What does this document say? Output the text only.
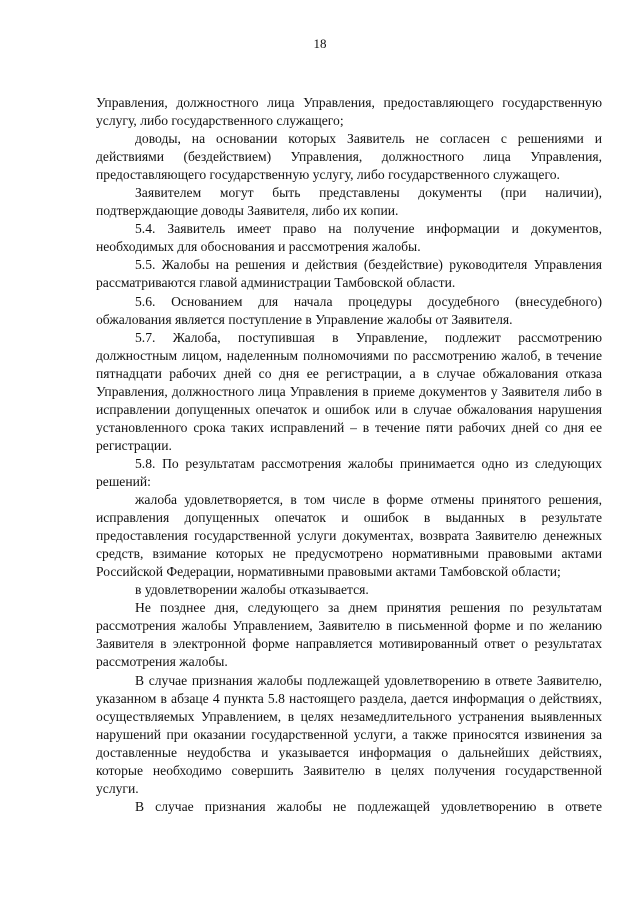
18

Управления, должностного лица Управления, предоставляющего государственную услугу, либо государственного служащего;

доводы, на основании которых Заявитель не согласен с решениями и действиями (бездействием) Управления, должностного лица Управления, предоставляющего государственную услугу, либо государственного служащего.

Заявителем могут быть представлены документы (при наличии), подтверждающие доводы Заявителя, либо их копии.

5.4. Заявитель имеет право на получение информации и документов, необходимых для обоснования и рассмотрения жалобы.

5.5. Жалобы на решения и действия (бездействие) руководителя Управления рассматриваются главой администрации Тамбовской области.

5.6. Основанием для начала процедуры досудебного (внесудебного) обжалования является поступление в Управление жалобы от Заявителя.

5.7. Жалоба, поступившая в Управление, подлежит рассмотрению должностным лицом, наделенным полномочиями по рассмотрению жалоб, в течение пятнадцати рабочих дней со дня ее регистрации, а в случае обжалования отказа Управления, должностного лица Управления в приеме документов у Заявителя либо в исправлении допущенных опечаток и ошибок или в случае обжалования нарушения установленного срока таких исправлений – в течение пяти рабочих дней со дня ее регистрации.

5.8. По результатам рассмотрения жалобы принимается одно из следующих решений:

жалоба удовлетворяется, в том числе в форме отмены принятого решения, исправления допущенных опечаток и ошибок в выданных в результате предоставления государственной услуги документах, возврата Заявителю денежных средств, взимание которых не предусмотрено нормативными правовыми актами Российской Федерации, нормативными правовыми актами Тамбовской области;

в удовлетворении жалобы отказывается.

Не позднее дня, следующего за днем принятия решения по результатам рассмотрения жалобы Управлением, Заявителю в письменной форме и по желанию Заявителя в электронной форме направляется мотивированный ответ о результатах рассмотрения жалобы.

В случае признания жалобы подлежащей удовлетворению в ответе Заявителю, указанном в абзаце 4 пункта 5.8 настоящего раздела, дается информация о действиях, осуществляемых Управлением, в целях незамедлительного устранения выявленных нарушений при оказании государственной услуги, а также приносятся извинения за доставленные неудобства и указывается информация о дальнейших действиях, которые необходимо совершить Заявителю в целях получения государственной услуги.

В случае признания жалобы не подлежащей удовлетворению в ответе
